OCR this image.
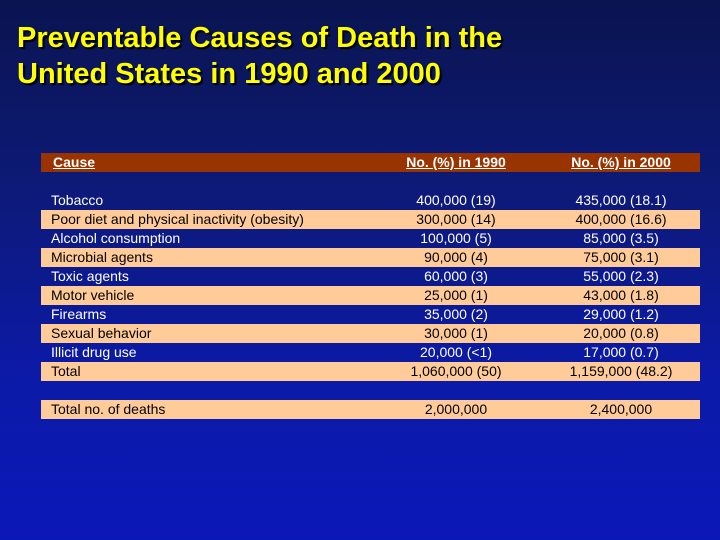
Preventable Causes of Death in the
United States in 1990 and 2000
Cause	No. (%) in 1990	No. (%) in 2000
Tobacco	400,000 (19)	435,000 (18.1)
Poor diet and physical inactivity (obesity)	300,000 (14)	400,000 (16.6)
Alcohol consumption	100,000 (5)	85,000 (3.5)
Microbial agents	90,000 (4)	75,000 (3.1)
Toxic agents	60,000 (3)	55,000 (2.3)
Motor vehicle	25,000 (1)	43,000 (1.8)
Firearms	35,000 (2)	29,000 (1.2)
Sexual behavior	30,000 (1)	20,000 (0.8)
Illicit drug use	20,000 (<1)	17,000 (0.7)
Total	1,060,000 (50)	1,159,000 (48.2)
Total no. of deaths	2,000,000	2,400,000
